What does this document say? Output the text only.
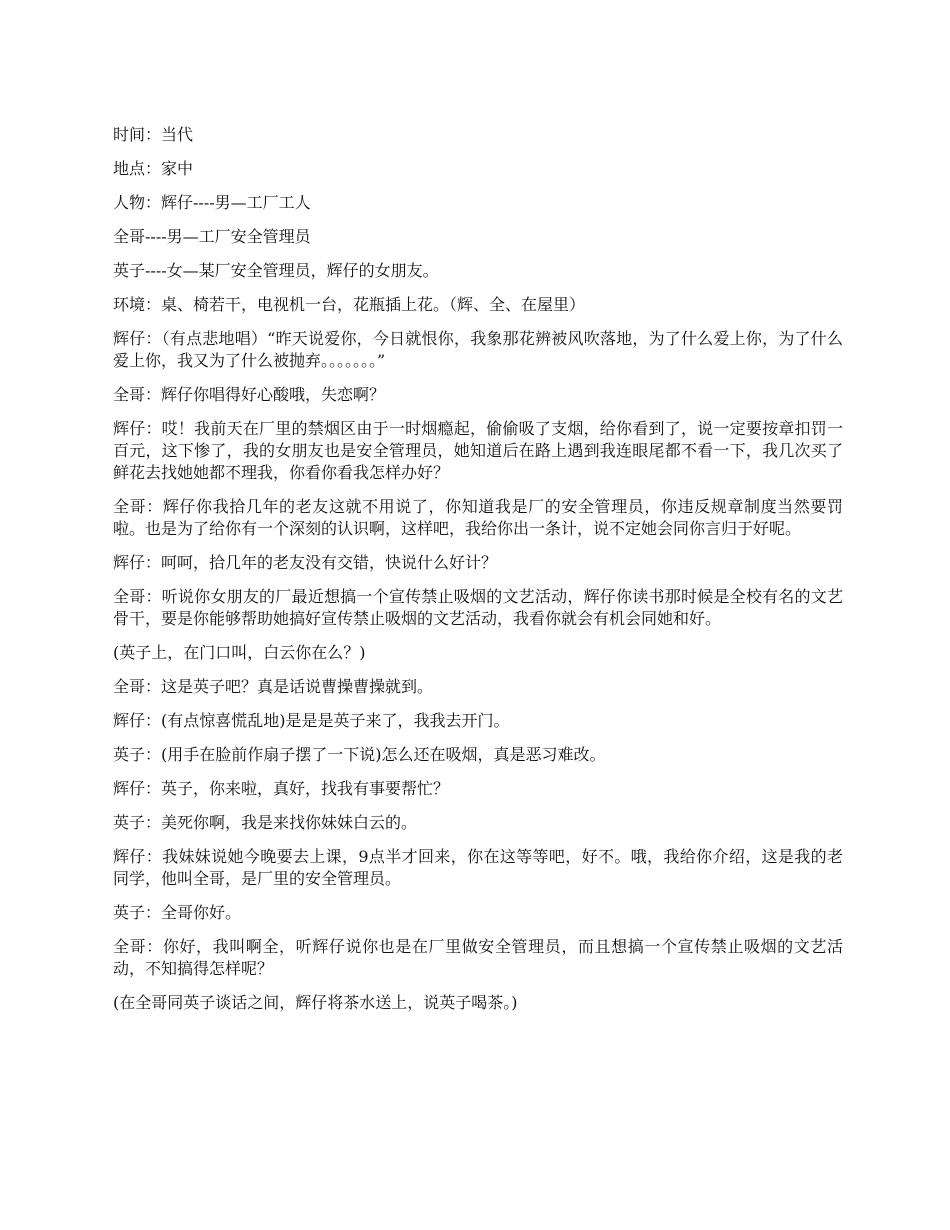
时间：当代

地点：家中

人物：辉仔----男—工厂工人

全哥----男—工厂安全管理员

英子----女—某厂安全管理员，辉仔的女朋友。

环境：桌、椅若干，电视机一台，花瓶插上花。（辉、全、在屋里）

辉仔：（有点悲地唱）“昨天说爱你，今日就恨你，我象那花辨被风吹落地，为了什么爱上你，为了什么爱上你，我又为了什么被抛弃。。。。。。。”

全哥：辉仔你唱得好心酸哦，失恋啊？

辉仔：哎！我前天在厂里的禁烟区由于一时烟瘾起，偷偷吸了支烟，给你看到了，说一定要按章扣罚一百元，这下惨了，我的女朋友也是安全管理员，她知道后在路上遇到我连眼尾都不看一下，我几次买了鲜花去找她她都不理我，你看你看我怎样办好？

全哥：辉仔你我拾几年的老友这就不用说了，你知道我是厂的安全管理员，你违反规章制度当然要罚啦。也是为了给你有一个深刻的认识啊，这样吧，我给你出一条计，说不定她会同你言归于好呢。

辉仔：呵呵，拾几年的老友没有交错，快说什么好计？

全哥：听说你女朋友的厂最近想搞一个宣传禁止吸烟的文艺活动，辉仔你读书那时候是全校有名的文艺骨干，要是你能够帮助她搞好宣传禁止吸烟的文艺活动，我看你就会有机会同她和好。

(英子上，在门口叫，白云你在么？)

全哥：这是英子吧？真是话说曹操曹操就到。

辉仔：(有点惊喜慌乱地)是是是英子来了，我我去开门。

英子：(用手在脸前作扇子摆了一下说)怎么还在吸烟，真是恶习难改。

辉仔：英子，你来啦，真好，找我有事要帮忙？

英子：美死你啊，我是来找你妹妹白云的。

辉仔：我妹妹说她今晚要去上课，9点半才回来，你在这等等吧，好不。哦，我给你介绍，这是我的老同学，他叫全哥，是厂里的安全管理员。

英子：全哥你好。

全哥：你好，我叫啊全，听辉仔说你也是在厂里做安全管理员，而且想搞一个宣传禁止吸烟的文艺活动，不知搞得怎样呢？

(在全哥同英子谈话之间，辉仔将茶水送上，说英子喝茶。)
